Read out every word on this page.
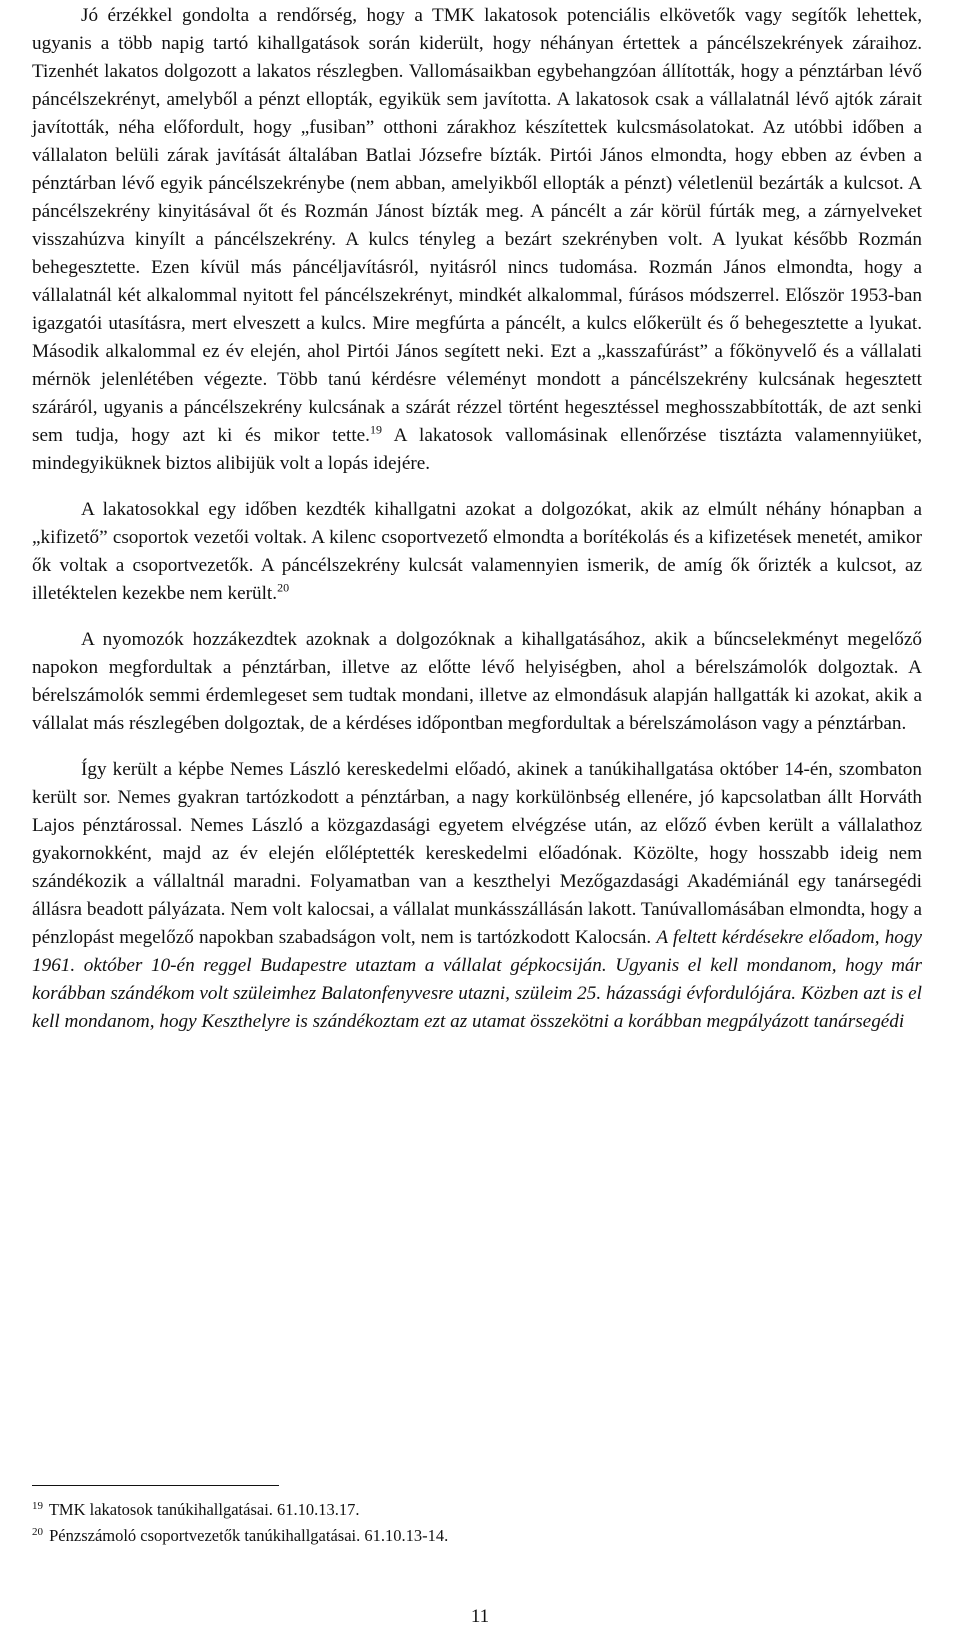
Jó érzékkel gondolta a rendőrség, hogy a TMK lakatosok potenciális elkövetők vagy segítők lehettek, ugyanis a több napig tartó kihallgatások során kiderült, hogy néhányan értettek a páncélszekrények záraihoz. Tizenhét lakatos dolgozott a lakatos részlegben. Vallomásaikban egybehangzóan állították, hogy a pénztárban lévő páncélszekrényt, amelyből a pénzt ellopták, egyikük sem javította. A lakatosok csak a vállalatnál lévő ajtók zárait javították, néha előfordult, hogy „fusiban” otthoni zárakhoz készítettek kulcsmásolatokat. Az utóbbi időben a vállalaton belüli zárak javítását általában Batlai Józsefre bízták. Pirtói János elmondta, hogy ebben az évben a pénztárban lévő egyik páncélszekrénybe (nem abban, amelyikből ellopták a pénzt) véletlenül bezárták a kulcsot. A páncélszekrény kinyitásával őt és Rozmán Jánost bízták meg. A páncélt a zár körül fúrták meg, a zárnyelveket visszahúzva kinyílt a páncélszekrény. A kulcs tényleg a bezárt szekrényben volt. A lyukat később Rozmán behegesztette. Ezen kívül más páncéljavításról, nyitásról nincs tudomása. Rozmán János elmondta, hogy a vállalatnál két alkalommal nyitott fel páncélszekrényt, mindkét alkalommal, fúrásos módszerrel. Először 1953-ban igazgatói utasításra, mert elveszett a kulcs. Mire megfúrta a páncélt, a kulcs előkerült és ő behegesztette a lyukat. Második alkalommal ez év elején, ahol Pirtói János segített neki. Ezt a „kasszafúrást” a főkönyvelő és a vállalati mérnök jelenlétében végezte. Több tanú kérdésre véleményt mondott a páncélszekrény kulcsának hegesztett száráról, ugyanis a páncélszekrény kulcsának a szárát rézzel történt hegesztéssel meghosszabbították, de azt senki sem tudja, hogy azt ki és mikor tette.$^{19}$ A lakatosok vallomásinak ellenőrzése tisztázta valamennyiüket, mindegyiküknek biztos alibijük volt a lopás idejére.

A lakatosokkal egy időben kezdték kihallgatni azokat a dolgozókat, akik az elmúlt néhány hónapban a „kifizető” csoportok vezetői voltak. A kilenc csoportvezető elmondta a borítékolás és a kifizetések menetét, amikor ők voltak a csoportvezetők. A páncélszekrény kulcsát valamennyien ismerik, de amíg ők őrizték a kulcsot, az illetéktelen kezekbe nem került.$^{20}$

A nyomozók hozzákezdtek azoknak a dolgozóknak a kihallgatásához, akik a bűncselekményt megelőző napokon megfordultak a pénztárban, illetve az előtte lévő helyiségben, ahol a bérelszámolók dolgoztak. A bérelszámolók semmi érdemlegeset sem tudtak mondani, illetve az elmondásuk alapján hallgatták ki azokat, akik a vállalat más részlegében dolgoztak, de a kérdéses időpontban megfordultak a bérelszámoláson vagy a pénztárban.

Így került a képbe Nemes László kereskedelmi előadó, akinek a tanúkihallgatása október 14-én, szombaton került sor. Nemes gyakran tartózkodott a pénztárban, a nagy korkülönbség ellenére, jó kapcsolatban állt Horváth Lajos pénztárossal. Nemes László a közgazdasági egyetem elvégzése után, az előző évben került a vállalathoz gyakornokként, majd az év elején előléptették kereskedelmi előadónak. Közölte, hogy hosszabb ideig nem szándékozik a vállaltnál maradni. Folyamatban van a keszthelyi Mezőgazdasági Akadémiánál egy tanársegédi állásra beadott pályázata. Nem volt kalocsai, a vállalat munkásszállásán lakott. Tanúvallomásában elmondta, hogy a pénzlopást megelőző napokban szabadságon volt, nem is tartózkodott Kalocsán. A feltett kérdésekre előadom, hogy 1961. október 10-én reggel Budapestre utaztam a vállalat gépkocsiján. Ugyanis el kell mondanom, hogy már korábban szándékom volt szüleimhez Balatonfenyvesre utazni, szüleim 25. házassági évfordulójára. Közben azt is el kell mondanom, hogy Keszthelyre is szándékoztam ezt az utamat összekötni a korábban megpályázott tanársegédi

$^{19}$ TMK lakatosok tanúkihallgatásai. 61.10.13.17.

$^{20}$ Pénzszámoló csoportvezetők tanúkihallgatásai. 61.10.13-14.

11
